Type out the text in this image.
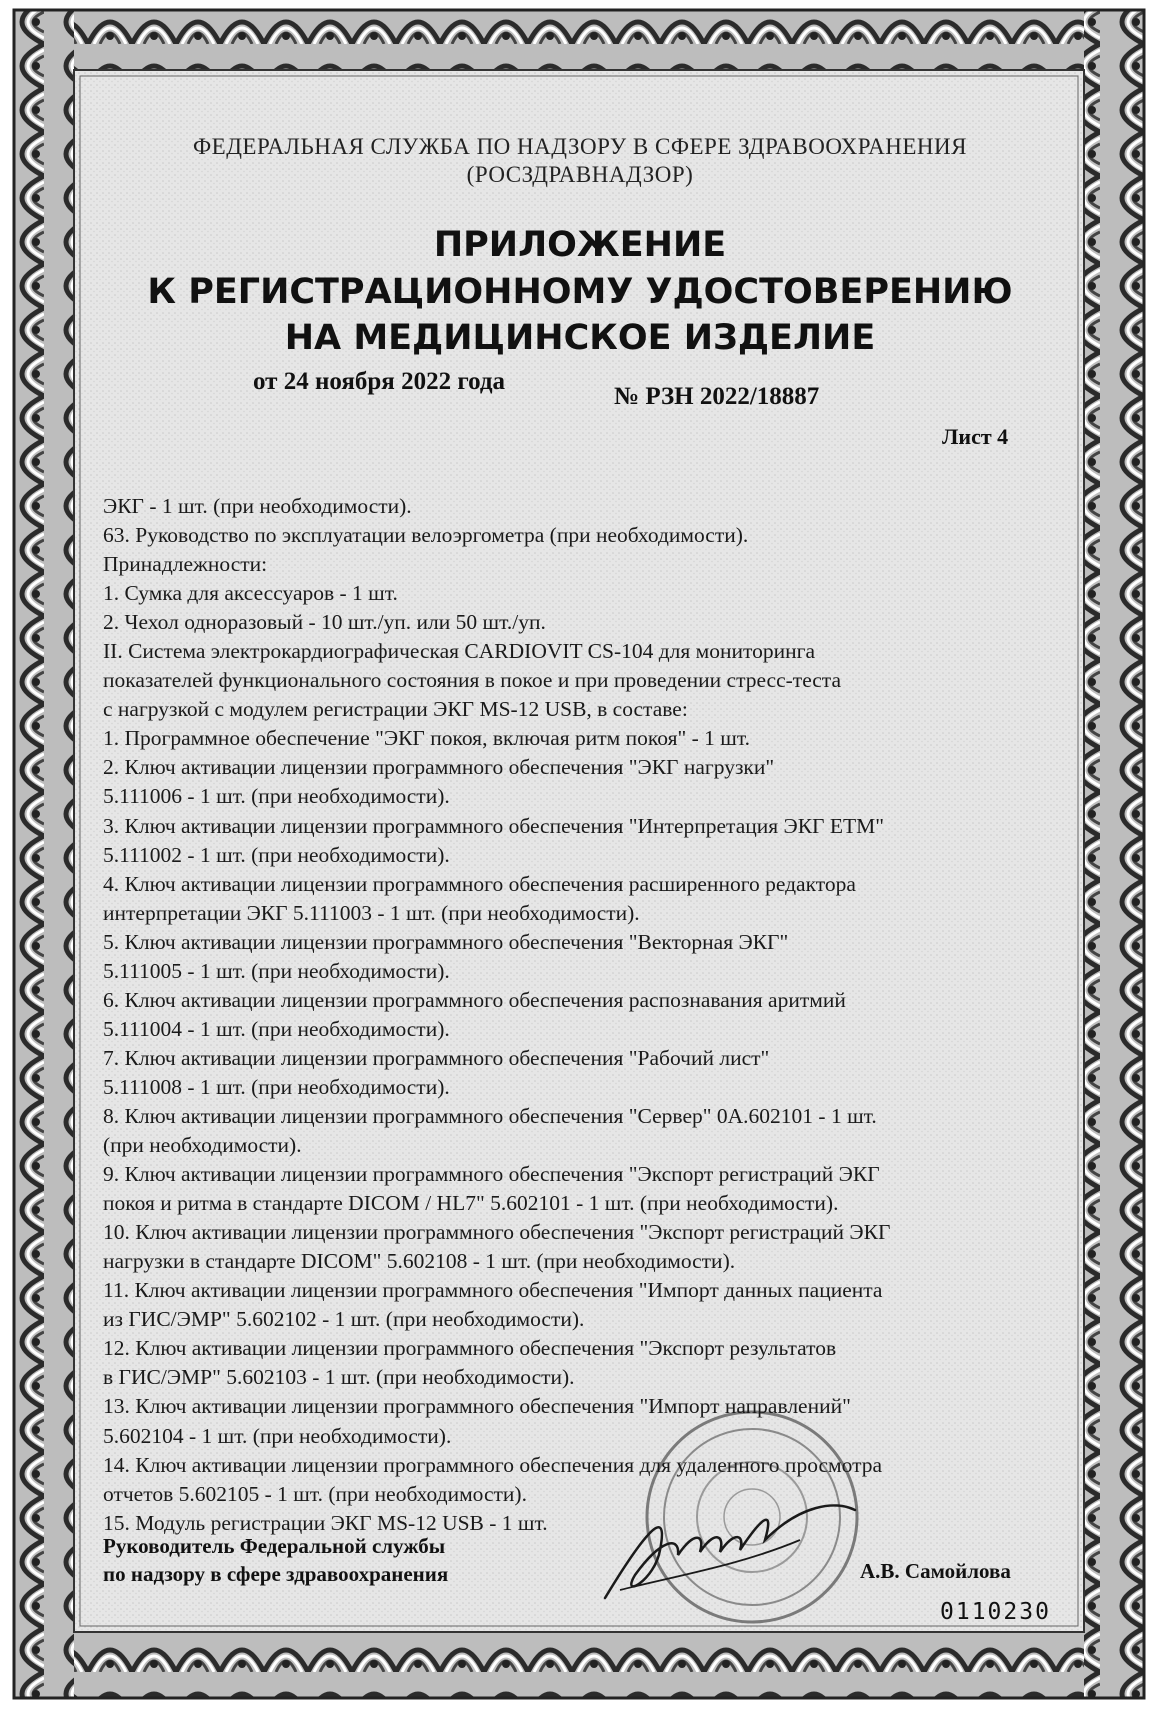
ФЕДЕРАЛЬНАЯ СЛУЖБА ПО НАДЗОРУ В СФЕРЕ ЗДРАВООХРАНЕНИЯ
(РОСЗДРАВНАДЗОР)
ПРИЛОЖЕНИЕ
К РЕГИСТРАЦИОННОМУ УДОСТОВЕРЕНИЮ
НА МЕДИЦИНСКОЕ ИЗДЕЛИЕ
от 24 ноября 2022 года
№ РЗН 2022/18887
Лист 4
ЭКГ - 1 шт. (при необходимости).
63. Руководство по эксплуатации велоэргометра (при необходимости).
Принадлежности:
1. Сумка для аксессуаров - 1 шт.
2. Чехол одноразовый - 10 шт./уп. или 50 шт./уп.
II. Система электрокардиографическая CARDIOVIT CS-104 для мониторинга
показателей функционального состояния в покое и при проведении стресс-теста
с нагрузкой с модулем регистрации ЭКГ MS-12 USB, в составе:
1. Программное обеспечение "ЭКГ покоя, включая ритм покоя" - 1 шт.
2. Ключ активации лицензии программного обеспечения "ЭКГ нагрузки"
5.111006 - 1 шт. (при необходимости).
3. Ключ активации лицензии программного обеспечения "Интерпретация ЭКГ ETM"
5.111002 - 1 шт. (при необходимости).
4. Ключ активации лицензии программного обеспечения расширенного редактора
интерпретации ЭКГ 5.111003 - 1 шт. (при необходимости).
5. Ключ активации лицензии программного обеспечения "Векторная ЭКГ"
5.111005 - 1 шт. (при необходимости).
6. Ключ активации лицензии программного обеспечения распознавания аритмий
5.111004 - 1 шт. (при необходимости).
7. Ключ активации лицензии программного обеспечения "Рабочий лист"
5.111008 - 1 шт. (при необходимости).
8. Ключ активации лицензии программного обеспечения "Сервер" 0A.602101 - 1 шт.
(при необходимости).
9. Ключ активации лицензии программного обеспечения "Экспорт регистраций ЭКГ
покоя и ритма в стандарте DICOM / HL7" 5.602101 - 1 шт. (при необходимости).
10. Ключ активации лицензии программного обеспечения "Экспорт регистраций ЭКГ
нагрузки в стандарте DICOM" 5.602108 - 1 шт. (при необходимости).
11. Ключ активации лицензии программного обеспечения "Импорт данных пациента
из ГИС/ЭМР" 5.602102 - 1 шт. (при необходимости).
12. Ключ активации лицензии программного обеспечения "Экспорт результатов
в ГИС/ЭМР" 5.602103 - 1 шт. (при необходимости).
13. Ключ активации лицензии программного обеспечения "Импорт направлений"
5.602104 - 1 шт. (при необходимости).
14. Ключ активации лицензии программного обеспечения для удаленного просмотра
отчетов 5.602105 - 1 шт. (при необходимости).
15. Модуль регистрации ЭКГ MS-12 USB - 1 шт.
Руководитель Федеральной службы
по надзору в сфере здравоохранения	А.В. Самойлова
0110230
